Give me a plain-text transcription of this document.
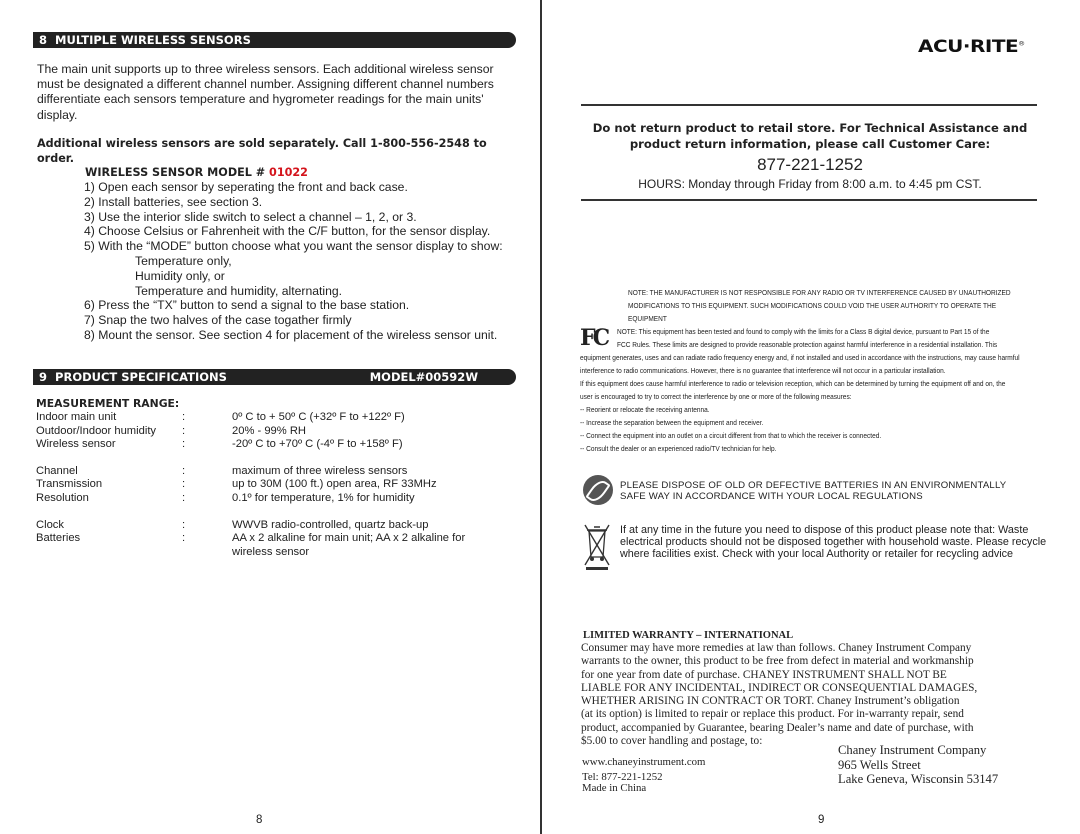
8 MULTIPLE WIRELESS SENSORS

The main unit supports up to three wireless sensors. Each additional wireless sensor must be designated a different channel number. Assigning different channel numbers differentiate each sensors temperature and hygrometer readings for the main units' display.

Additional wireless sensors are sold separately. Call 1-800-556-2548 to order.
WIRELESS SENSOR MODEL # 01022
1) Open each sensor by seperating the front and back case.
2) Install batteries, see section 3.
3) Use the interior slide switch to select a channel – 1, 2, or 3.
4) Choose Celsius or Fahrenheit with the C/F button, for the sensor display.
5) With the “MODE” button choose what you want the sensor display to show:
Temperature only,
Humidity only, or
Temperature and humidity, alternating.
6) Press the “TX” button to send a signal to the base station.
7) Snap the two halves of the case togather firmly
8) Mount the sensor. See section 4 for placement of the wireless sensor unit.
9 PRODUCT SPECIFICATIONS	MODEL#00592W
MEASUREMENT RANGE:
Indoor main unit	:	0º C to + 50º C (+32º F to +122º F)
Outdoor/Indoor humidity :	20% - 99% RH
Wireless sensor	:	-20º C to +70º C (-4º F to +158º F)
Channel	:	maximum of three wireless sensors
Transmission	:	up to 30M (100 ft.) open area, RF 33MHz
Resolution	:	0.1º for temperature, 1% for humidity
Clock	:	WWVB radio-controlled, quartz back-up
Batteries	:	AA x 2 alkaline for main unit; AA x 2 alkaline for wireless sensor
8
ACU·RITE®
Do not return product to retail store. For Technical Assistance and
product return information, please call Customer Care:
877-221-1252
HOURS: Monday through Friday from 8:00 a.m. to 4:45 pm CST.
NOTE: THE MANUFACTURER IS NOT RESPONSIBLE FOR ANY RADIO OR TV INTERFERENCE CAUSED BY UNAUTHORIZED MODIFICATIONS TO THIS EQUIPMENT. SUCH MODIFICATIONS COULD VOID THE USER AUTHORITY TO OPERATE THE EQUIPMENT
FC	NOTE: This equipment has been tested and found to comply with the limits for a Class B digital device, pursuant to Part 15 of the
FCC Rules. These limits are designed to provide reasonable protection against harmful interference in a residential installation. This
equipment generates, uses and can radiate radio frequency energy and, if not installed and used in accordance with the instructions, may cause harmful
interference to radio communications. However, there is no guarantee that interference will not occur in a particular installation.
If this equipment does cause harmful interference to radio or television reception, which can be determined by turning the equipment off and on, the
user is encouraged to try to correct the interference by one or more of the following measures:
-- Reorient or relocate the receiving antenna.
-- Increase the separation between the equipment and receiver.
-- Connect the equipment into an outlet on a circuit different from that to which the receiver is connected.
-- Consult the dealer or an experienced radio/TV technician for help.
PLEASE DISPOSE OF OLD OR DEFECTIVE BATTERIES IN AN ENVIRONMENTALLY
SAFE WAY IN ACCORDANCE WITH YOUR LOCAL REGULATIONS
If at any time in the future you need to dispose of this product please note that: Waste electrical products should not be disposed together with household waste. Please recycle where facilities exist. Check with your local Authority or retailer for recycling advice
LIMITED WARRANTY – INTERNATIONAL
Consumer may have more remedies at law than follows. Chaney Instrument Company
warrants to the owner, this product to be free from defect in material and workmanship
for one year from date of purchase. CHANEY INSTRUMENT SHALL NOT BE
LIABLE FOR ANY INCIDENTAL, INDIRECT OR CONSEQUENTIAL DAMAGES,
WHETHER ARISING IN CONTRACT OR TORT. Chaney Instrument’s obligation
(at its option) is limited to repair or replace this product. For in-warranty repair, send
product, accompanied by Guarantee, bearing Dealer’s name and date of purchase, with
$5.00 to cover handling and postage, to:
www.chaneyinstrument.com
Tel: 877-221-1252
Made in China
Chaney Instrument Company
965 Wells Street
Lake Geneva, Wisconsin 53147
9
